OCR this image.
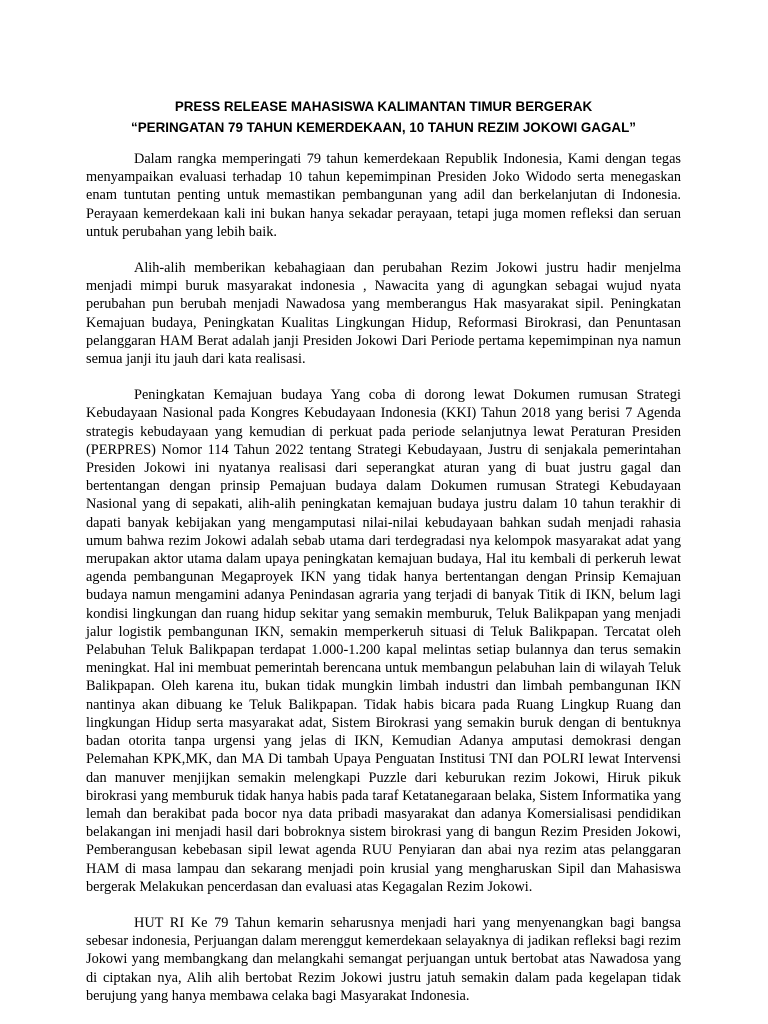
PRESS RELEASE MAHASISWA KALIMANTAN TIMUR BERGERAK

“PERINGATAN 79 TAHUN KEMERDEKAAN, 10 TAHUN REZIM JOKOWI GAGAL”

Dalam rangka memperingati 79 tahun kemerdekaan Republik Indonesia, Kami dengan tegas menyampaikan evaluasi terhadap 10 tahun kepemimpinan Presiden Joko Widodo serta menegaskan enam tuntutan penting untuk memastikan pembangunan yang adil dan berkelanjutan di Indonesia. Perayaan kemerdekaan kali ini bukan hanya sekadar perayaan, tetapi juga momen refleksi dan seruan untuk perubahan yang lebih baik.

Alih-alih memberikan kebahagiaan dan perubahan Rezim Jokowi justru hadir menjelma menjadi mimpi buruk masyarakat indonesia , Nawacita yang di agungkan sebagai wujud nyata perubahan pun berubah menjadi Nawadosa yang memberangus Hak masyarakat sipil. Peningkatan Kemajuan budaya, Peningkatan Kualitas Lingkungan Hidup, Reformasi Birokrasi, dan Penuntasan pelanggaran HAM Berat adalah janji Presiden Jokowi Dari Periode pertama kepemimpinan nya namun semua janji itu jauh dari kata realisasi.

Peningkatan Kemajuan budaya Yang coba di dorong lewat Dokumen rumusan Strategi Kebudayaan Nasional pada Kongres Kebudayaan Indonesia (KKI) Tahun 2018 yang berisi 7 Agenda strategis kebudayaan yang kemudian di perkuat pada periode selanjutnya lewat Peraturan Presiden (PERPRES) Nomor 114 Tahun 2022 tentang Strategi Kebudayaan, Justru di senjakala pemerintahan Presiden Jokowi ini nyatanya realisasi dari seperangkat aturan yang di buat justru gagal dan bertentangan dengan prinsip Pemajuan budaya dalam Dokumen rumusan Strategi Kebudayaan Nasional yang di sepakati, alih-alih peningkatan kemajuan budaya justru dalam 10 tahun terakhir di dapati banyak kebijakan yang mengamputasi nilai-nilai kebudayaan bahkan sudah menjadi rahasia umum bahwa rezim Jokowi adalah sebab utama dari terdegradasi nya kelompok masyarakat adat yang merupakan aktor utama dalam upaya peningkatan kemajuan budaya, Hal itu kembali di perkeruh lewat agenda pembangunan Megaproyek IKN yang tidak hanya bertentangan dengan Prinsip Kemajuan budaya namun mengamini adanya Penindasan agraria yang terjadi di banyak Titik di IKN, belum lagi kondisi lingkungan dan ruang hidup sekitar yang semakin memburuk, Teluk Balikpapan yang menjadi jalur logistik pembangunan IKN, semakin memperkeruh situasi di Teluk Balikpapan. Tercatat oleh Pelabuhan Teluk Balikpapan terdapat 1.000-1.200 kapal melintas setiap bulannya dan terus semakin meningkat. Hal ini membuat pemerintah berencana untuk membangun pelabuhan lain di wilayah Teluk Balikpapan. Oleh karena itu, bukan tidak mungkin limbah industri dan limbah pembangunan IKN nantinya akan dibuang ke Teluk Balikpapan. Tidak habis bicara pada Ruang Lingkup Ruang dan lingkungan Hidup serta masyarakat adat, Sistem Birokrasi yang semakin buruk dengan di bentuknya badan otorita tanpa urgensi yang jelas di IKN, Kemudian Adanya amputasi demokrasi dengan Pelemahan KPK,MK, dan MA Di tambah Upaya Penguatan Institusi TNI dan POLRI lewat Intervensi dan manuver menjijkan semakin melengkapi Puzzle dari keburukan rezim Jokowi, Hiruk pikuk birokrasi yang memburuk tidak hanya habis pada taraf Ketatanegaraan belaka, Sistem Informatika yang lemah dan berakibat pada bocor nya data pribadi masyarakat dan adanya Komersialisasi pendidikan belakangan ini menjadi hasil dari bobroknya sistem birokrasi yang di bangun Rezim Presiden Jokowi, Pemberangusan kebebasan sipil lewat agenda RUU Penyiaran dan abai nya rezim atas pelanggaran HAM di masa lampau dan sekarang menjadi poin krusial yang mengharuskan Sipil dan Mahasiswa bergerak Melakukan pencerdasan dan evaluasi atas Kegagalan Rezim Jokowi.

HUT RI Ke 79 Tahun kemarin seharusnya menjadi hari yang menyenangkan bagi bangsa sebesar indonesia, Perjuangan dalam merenggut kemerdekaan selayaknya di jadikan refleksi bagi rezim Jokowi yang membangkang dan melangkahi semangat perjuangan untuk bertobat atas Nawadosa yang di ciptakan nya, Alih alih bertobat Rezim Jokowi justru jatuh semakin dalam pada kegelapan tidak berujung yang hanya membawa celaka bagi Masyarakat Indonesia.
